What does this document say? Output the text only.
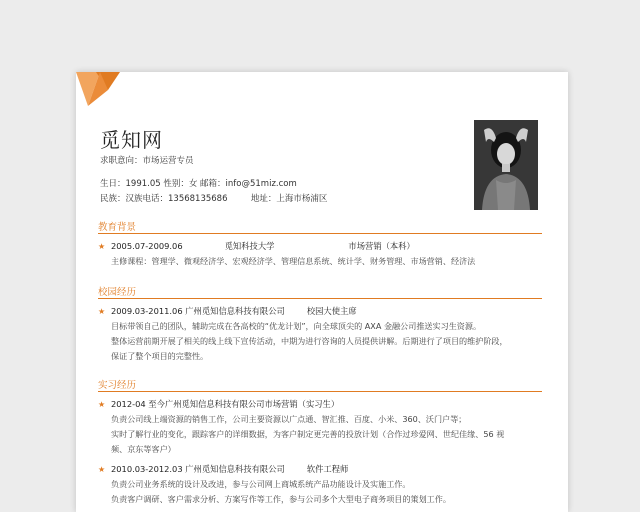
觅知网
求职意向：市场运营专员
生日：1991.05 性别：女 邮箱：info@51miz.com
民族：汉族电话：13568135686	地址：上海市杨浦区
教育背景
★ 2005.07-2009.06	觅知科技大学	市场营销（本科）
主修课程：管理学、微观经济学、宏观经济学、管理信息系统、统计学、财务管理、市场营销、经济法
校园经历
★ 2009.03-2011.06 广州觅知信息科技有限公司	校园大使主席
目标带领自己的团队，辅助完成在各高校的“优龙计划”，向全球顶尖的 AXA 金融公司推送实习生资源。
整体运营前期开展了相关的线上线下宣传活动，中期为进行咨询的人员提供讲解。后期进行了项目的维护阶段，
保证了整个项目的完整性。
实习经历
★ 2012-04 至今广州觅知信息科技有限公司市场营销（实习生）
负责公司线上端资源的销售工作，公司主要资源以广点通、智汇推、百度、小米、360、沃门户等；
实时了解行业的变化，跟踪客户的详细数据，为客户制定更完善的投放计划（合作过珍爱网、世纪佳缘、56 视
频、京东等客户）
★ 2010.03-2012.03 广州觅知信息科技有限公司	软件工程师
负责公司业务系统的设计及改进，参与公司网上商城系统产品功能设计及实施工作。
负责客户调研、客户需求分析、方案写作等工作，参与公司多个大型电子商务项目的策划工作。
